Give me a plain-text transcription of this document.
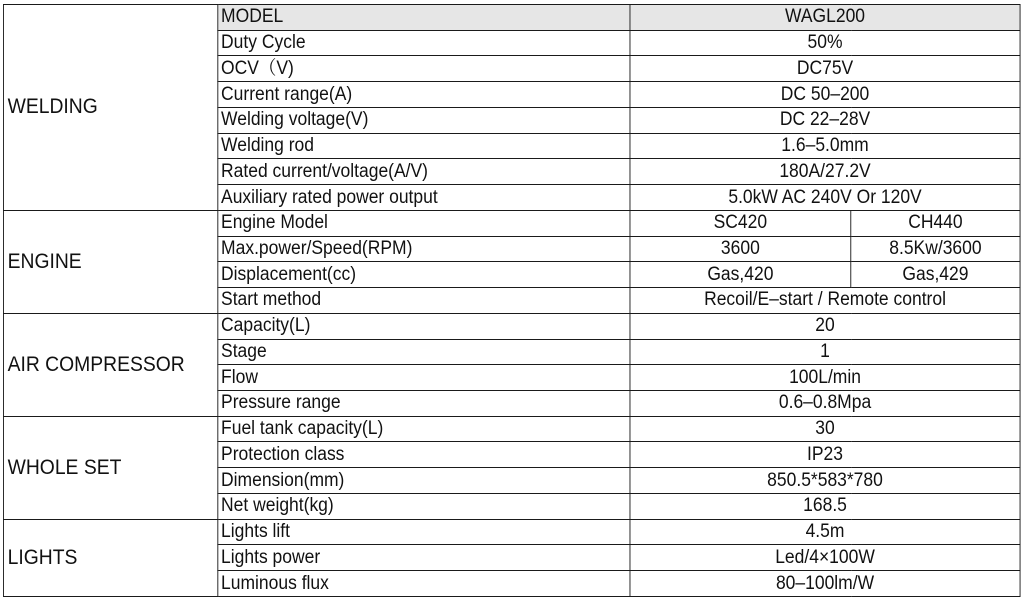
WELDING	MODEL	WAGL200	
	Duty Cycle	50%	
	OCV（V)	DC75V	
	Current range(A)	DC 50–200	
	Welding voltage(V)	DC 22–28V	
	Welding rod	1.6–5.0mm	
	Rated current/voltage(A/V)	180A/27.2V	
	Auxiliary rated power output	5.0kW AC 240V Or 120V	
ENGINE	Engine Model	SC420	CH440
	Max.power/Speed(RPM)	3600	8.5Kw/3600
	Displacement(cc)	Gas,420	Gas,429
	Start method	Recoil/E–start / Remote control	
AIR COMPRESSOR	Capacity(L)	20	
	Stage	1	
	Flow	100L/min	
	Pressure range	0.6–0.8Mpa	
WHOLE SET	Fuel tank capacity(L)	30	
	Protection class	IP23	
	Dimension(mm)	850.5*583*780	
	Net weight(kg)	168.5	
LIGHTS	Lights lift	4.5m	
	Lights power	Led/4×100W	
	Luminous flux	80–100lm/W	
